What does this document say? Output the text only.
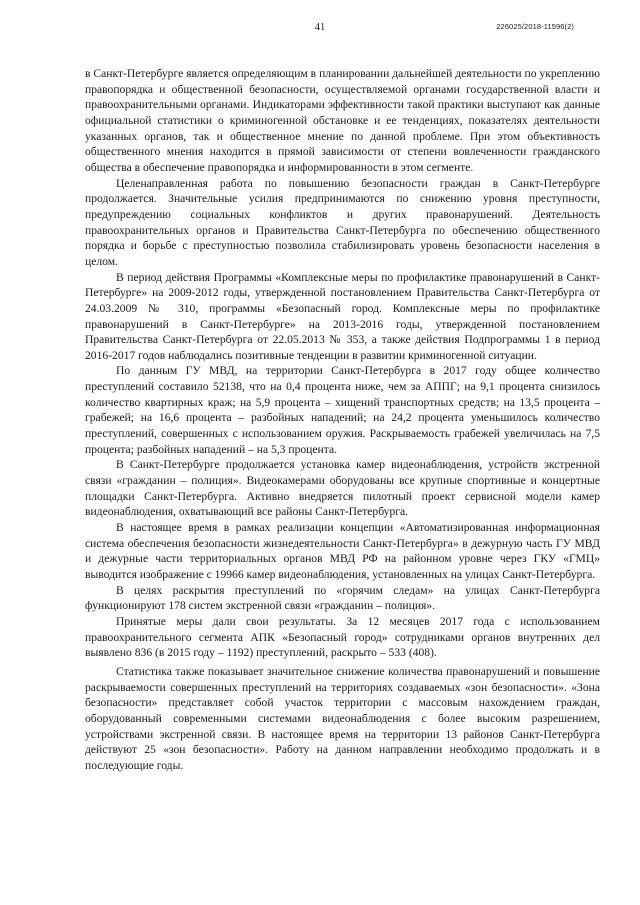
41	226025/2018-11596(2)

в Санкт-Петербурге является определяющим в планировании дальнейшей деятельности по укреплению правопорядка и общественной безопасности, осуществляемой органами государственной власти и правоохранительными органами. Индикаторами эффективности такой практики выступают как данные официальной статистики о криминогенной обстановке и ее тенденциях, показателях деятельности указанных органов, так и общественное мнение по данной проблеме. При этом объективность общественного мнения находится в прямой зависимости от степени вовлеченности гражданского общества в обеспечение правопорядка и информированности в этом сегменте.

Целенаправленная работа по повышению безопасности граждан в Санкт-Петербурге продолжается. Значительные усилия предпринимаются по снижению уровня преступности, предупреждению социальных конфликтов и других правонарушений. Деятельность правоохранительных органов и Правительства Санкт-Петербурга по обеспечению общественного порядка и борьбе с преступностью позволила стабилизировать уровень безопасности населения в целом.

В период действия Программы «Комплексные меры по профилактике правонарушений в Санкт-Петербурге» на 2009-2012 годы, утвержденной постановлением Правительства Санкт-Петербурга от 24.03.2009 № 310, программы «Безопасный город. Комплексные меры по профилактике правонарушений в Санкт-Петербурге» на 2013-2016 годы, утвержденной постановлением Правительства Санкт-Петербурга от 22.05.2013 № 353, а также действия Подпрограммы 1 в период 2016-2017 годов наблюдались позитивные тенденции в развитии криминогенной ситуации.

По данным ГУ МВД, на территории Санкт-Петербурга в 2017 году общее количество преступлений составило 52138, что на 0,4 процента ниже, чем за АППГ; на 9,1 процента снизилось количество квартирных краж; на 5,9 процента – хищений транспортных средств; на 13,5 процента – грабежей; на 16,6 процента – разбойных нападений; на 24,2 процента уменьшилось количество преступлений, совершенных с использованием оружия. Раскрываемость грабежей увеличилась на 7,5 процента; разбойных нападений – на 5,3 процента.

В Санкт-Петербурге продолжается установка камер видеонаблюдения, устройств экстренной связи «гражданин – полиция». Видеокамерами оборудованы все крупные спортивные и концертные площадки Санкт-Петербурга. Активно внедряется пилотный проект сервисной модели камер видеонаблюдения, охватывающий все районы Санкт-Петербурга.

В настоящее время в рамках реализации концепции «Автоматизированная информационная система обеспечения безопасности жизнедеятельности Санкт-Петербурга» в дежурную часть ГУ МВД и дежурные части территориальных органов МВД РФ на районном уровне через ГКУ «ГМЦ» выводится изображение с 19966 камер видеонаблюдения, установленных на улицах Санкт-Петербурга.

В целях раскрытия преступлений по «горячим следам» на улицах Санкт-Петербурга функционируют 178 систем экстренной связи «гражданин – полиция».

Принятые меры дали свои результаты. За 12 месяцев 2017 года с использованием правоохранительного сегмента АПК «Безопасный город» сотрудниками органов внутренних дел выявлено 836 (в 2015 году – 1192) преступлений, раскрыто – 533 (408).

Статистика также показывает значительное снижение количества правонарушений и повышение раскрываемости совершенных преступлений на территориях создаваемых «зон безопасности». «Зона безопасности» представляет собой участок территории с массовым нахождением граждан, оборудованный современными системами видеонаблюдения с более высоким разрешением, устройствами экстренной связи. В настоящее время на территории 13 районов Санкт-Петербурга действуют 25 «зон безопасности». Работу на данном направлении необходимо продолжать и в последующие годы.
